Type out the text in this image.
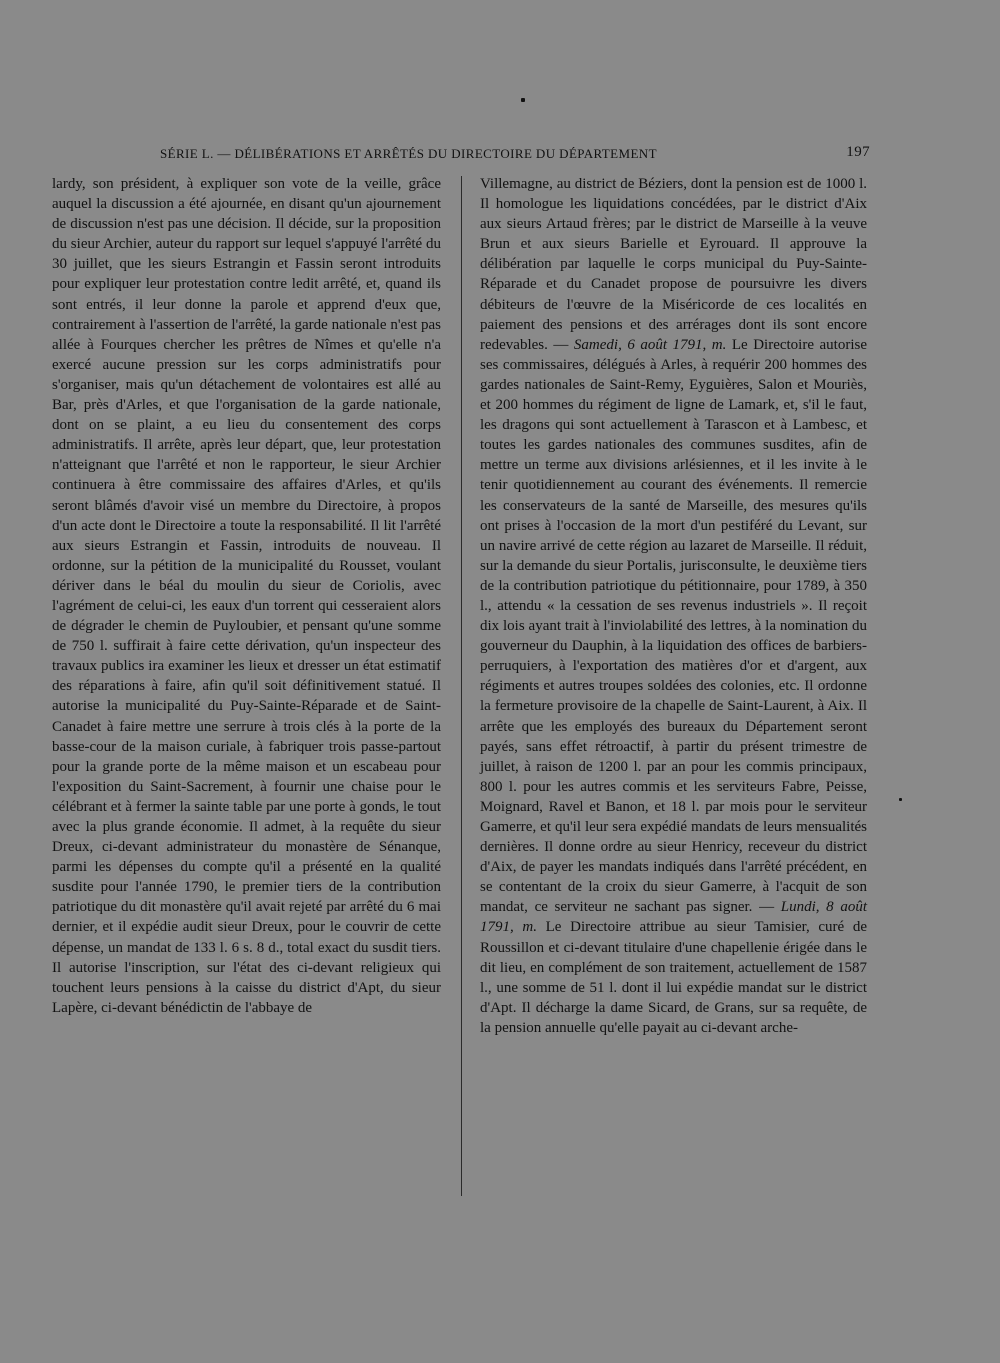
SÉRIE L. — DÉLIBÉRATIONS ET ARRÊTÉS DU DIRECTOIRE DU DÉPARTEMENT	197

lardy, son président, à expliquer son vote de la veille, grâce auquel la discussion a été ajournée, en disant qu'un ajournement de discussion n'est pas une décision. Il décide, sur la proposition du sieur Archier, auteur du rapport sur lequel s'appuyé l'arrêté du 30 juillet, que les sieurs Estrangin et Fassin seront introduits pour expliquer leur protestation contre ledit arrêté, et, quand ils sont entrés, il leur donne la parole et apprend d'eux que, contrairement à l'assertion de l'arrêté, la garde nationale n'est pas allée à Fourques chercher les prêtres de Nîmes et qu'elle n'a exercé aucune pression sur les corps administratifs pour s'organiser, mais qu'un détachement de volontaires est allé au Bar, près d'Arles, et que l'organisation de la garde nationale, dont on se plaint, a eu lieu du consentement des corps administratifs. Il arrête, après leur départ, que, leur protestation n'atteignant que l'arrêté et non le rapporteur, le sieur Archier continuera à être commissaire des affaires d'Arles, et qu'ils seront blâmés d'avoir visé un membre du Directoire, à propos d'un acte dont le Directoire a toute la responsabilité. Il lit l'arrêté aux sieurs Estrangin et Fassin, introduits de nouveau. Il ordonne, sur la pétition de la municipalité du Rousset, voulant dériver dans le béal du moulin du sieur de Coriolis, avec l'agrément de celui-ci, les eaux d'un torrent qui cesseraient alors de dégrader le chemin de Puyloubier, et pensant qu'une somme de 750 l. suffirait à faire cette dérivation, qu'un inspecteur des travaux publics ira examiner les lieux et dresser un état estimatif des réparations à faire, afin qu'il soit définitivement statué. Il autorise la municipalité du Puy-Sainte-Réparade et de Saint-Canadet à faire mettre une serrure à trois clés à la porte de la basse-cour de la maison curiale, à fabriquer trois passe-partout pour la grande porte de la même maison et un escabeau pour l'exposition du Saint-Sacrement, à fournir une chaise pour le célébrant et à fermer la sainte table par une porte à gonds, le tout avec la plus grande économie. Il admet, à la requête du sieur Dreux, ci-devant administrateur du monastère de Sénanque, parmi les dépenses du compte qu'il a présenté en la qualité susdite pour l'année 1790, le premier tiers de la contribution patriotique du dit monastère qu'il avait rejeté par arrêté du 6 mai dernier, et il expédie audit sieur Dreux, pour le couvrir de cette dépense, un mandat de 133 l. 6 s. 8 d., total exact du susdit tiers. Il autorise l'inscription, sur l'état des ci-devant religieux qui touchent leurs pensions à la caisse du district d'Apt, du sieur Lapère, ci-devant bénédictin de l'abbaye de

Villemagne, au district de Béziers, dont la pension est de 1000 l. Il homologue les liquidations concédées, par le district d'Aix aux sieurs Artaud frères; par le district de Marseille à la veuve Brun et aux sieurs Barielle et Eyrouard. Il approuve la délibération par laquelle le corps municipal du Puy-Sainte-Réparade et du Canadet propose de poursuivre les divers débiteurs de l'œuvre de la Miséricorde de ces localités en paiement des pensions et des arrérages dont ils sont encore redevables. — Samedi, 6 août 1791, m. Le Directoire autorise ses commissaires, délégués à Arles, à requérir 200 hommes des gardes nationales de Saint-Remy, Eyguières, Salon et Mouriès, et 200 hommes du régiment de ligne de Lamark, et, s'il le faut, les dragons qui sont actuellement à Tarascon et à Lambesc, et toutes les gardes nationales des communes susdites, afin de mettre un terme aux divisions arlésiennes, et il les invite à le tenir quotidiennement au courant des événements. Il remercie les conservateurs de la santé de Marseille, des mesures qu'ils ont prises à l'occasion de la mort d'un pestiféré du Levant, sur un navire arrivé de cette région au lazaret de Marseille. Il réduit, sur la demande du sieur Portalis, jurisconsulte, le deuxième tiers de la contribution patriotique du pétitionnaire, pour 1789, à 350 l., attendu « la cessation de ses revenus industriels ». Il reçoit dix lois ayant trait à l'inviolabilité des lettres, à la nomination du gouverneur du Dauphin, à la liquidation des offices de barbiers-perruquiers, à l'exportation des matières d'or et d'argent, aux régiments et autres troupes soldées des colonies, etc. Il ordonne la fermeture provisoire de la chapelle de Saint-Laurent, à Aix. Il arrête que les employés des bureaux du Département seront payés, sans effet rétroactif, à partir du présent trimestre de juillet, à raison de 1200 l. par an pour les commis principaux, 800 l. pour les autres commis et les serviteurs Fabre, Peisse, Moignard, Ravel et Banon, et 18 l. par mois pour le serviteur Gamerre, et qu'il leur sera expédié mandats de leurs mensualités dernières. Il donne ordre au sieur Henricy, receveur du district d'Aix, de payer les mandats indiqués dans l'arrêté précédent, en se contentant de la croix du sieur Gamerre, à l'acquit de son mandat, ce serviteur ne sachant pas signer. — Lundi, 8 août 1791, m. Le Directoire attribue au sieur Tamisier, curé de Roussillon et ci-devant titulaire d'une chapellenie érigée dans le dit lieu, en complément de son traitement, actuellement de 1587 l., une somme de 51 l. dont il lui expédie mandat sur le district d'Apt. Il décharge la dame Sicard, de Grans, sur sa requête, de la pension annuelle qu'elle payait au ci-devant arche-
